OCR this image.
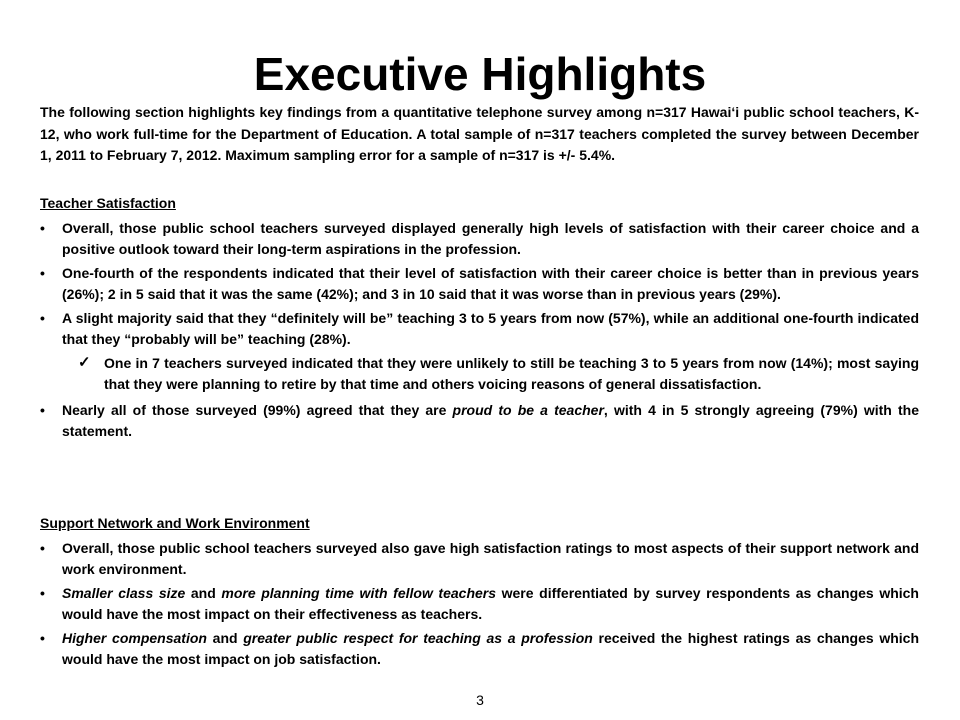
Executive Highlights

The following section highlights key findings from a quantitative telephone survey among n=317 Hawai‘i public school teachers, K-12, who work full-time for the Department of Education. A total sample of n=317 teachers completed the survey between December 1, 2011 to February 7, 2012. Maximum sampling error for a sample of n=317 is +/- 5.4%.

Teacher Satisfaction

• Overall, those public school teachers surveyed displayed generally high levels of satisfaction with their career choice and a positive outlook toward their long-term aspirations in the profession.

• One-fourth of the respondents indicated that their level of satisfaction with their career choice is better than in previous years (26%); 2 in 5 said that it was the same (42%); and 3 in 10 said that it was worse than in previous years (29%).

• A slight majority said that they “definitely will be” teaching 3 to 5 years from now (57%), while an additional one-fourth indicated that they “probably will be” teaching (28%).

✓ One in 7 teachers surveyed indicated that they were unlikely to still be teaching 3 to 5 years from now (14%); most saying that they were planning to retire by that time and others voicing reasons of general dissatisfaction.

• Nearly all of those surveyed (99%) agreed that they are proud to be a teacher, with 4 in 5 strongly agreeing (79%) with the statement.

Support Network and Work Environment

• Overall, those public school teachers surveyed also gave high satisfaction ratings to most aspects of their support network and work environment.

• Smaller class size and more planning time with fellow teachers were differentiated by survey respondents as changes which would have the most impact on their effectiveness as teachers.

• Higher compensation and greater public respect for teaching as a profession received the highest ratings as changes which would have the most impact on job satisfaction.

3
